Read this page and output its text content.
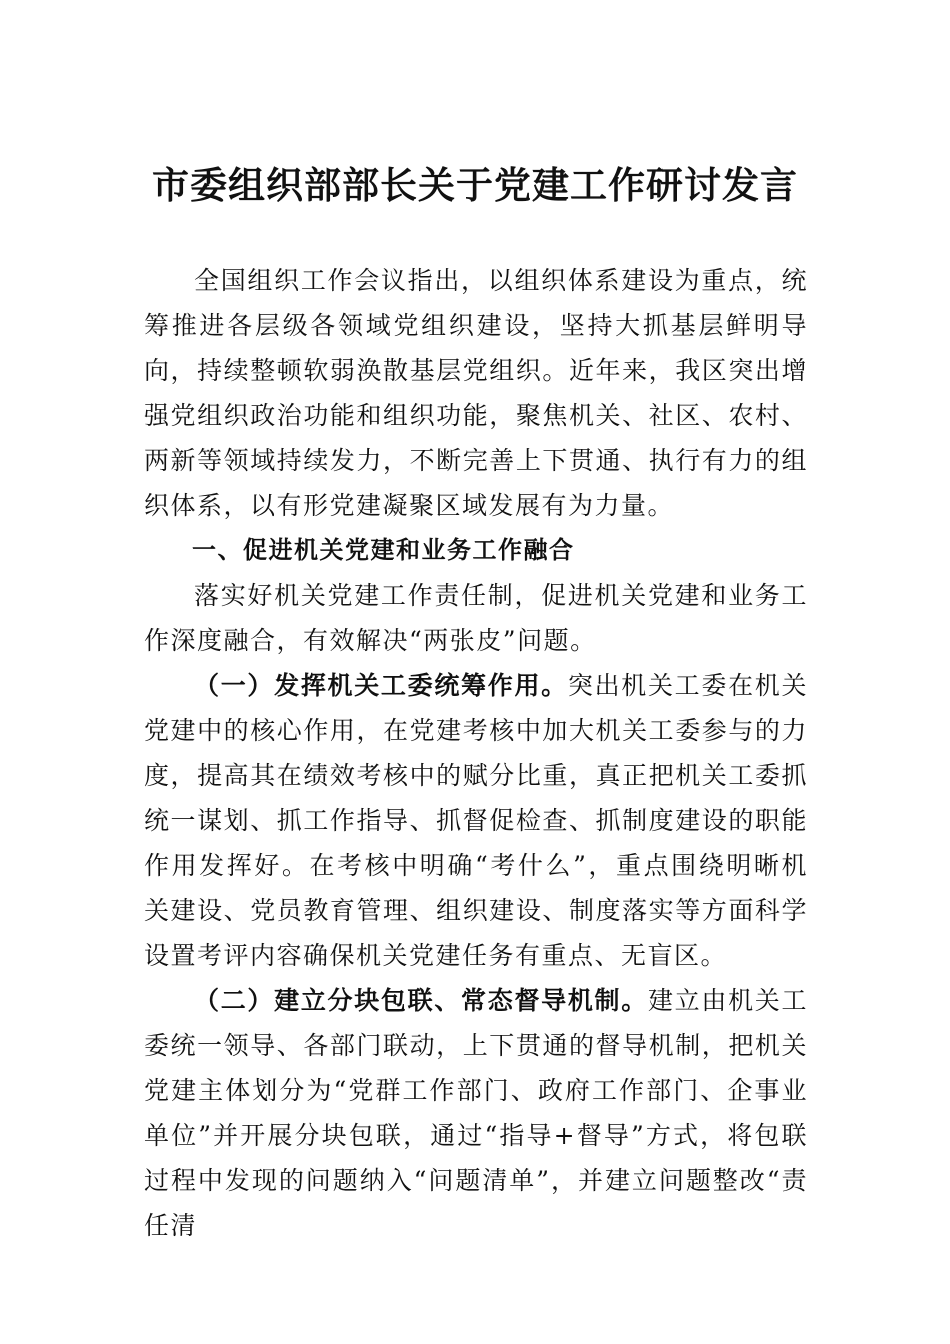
市委组织部部长关于党建工作研讨发言

全国组织工作会议指出，以组织体系建设为重点，统筹推进各层级各领域党组织建设，坚持大抓基层鲜明导向，持续整顿软弱涣散基层党组织。近年来，我区突出增强党组织政治功能和组织功能，聚焦机关、社区、农村、两新等领域持续发力，不断完善上下贯通、执行有力的组织体系，以有形党建凝聚区域发展有为力量。

一、促进机关党建和业务工作融合

落实好机关党建工作责任制，促进机关党建和业务工作深度融合，有效解决“两张皮”问题。

（一）发挥机关工委统筹作用。突出机关工委在机关党建中的核心作用，在党建考核中加大机关工委参与的力度，提高其在绩效考核中的赋分比重，真正把机关工委抓统一谋划、抓工作指导、抓督促检查、抓制度建设的职能作用发挥好。在考核中明确“考什么”，重点围绕明晰机关建设、党员教育管理、组织建设、制度落实等方面科学设置考评内容确保机关党建任务有重点、无盲区。

（二）建立分块包联、常态督导机制。建立由机关工委统一领导、各部门联动，上下贯通的督导机制，把机关党建主体划分为“党群工作部门、政府工作部门、企事业单位”并开展分块包联，通过“指导+督导”方式，将包联过程中发现的问题纳入“问题清单”，并建立问题整改“责任清
